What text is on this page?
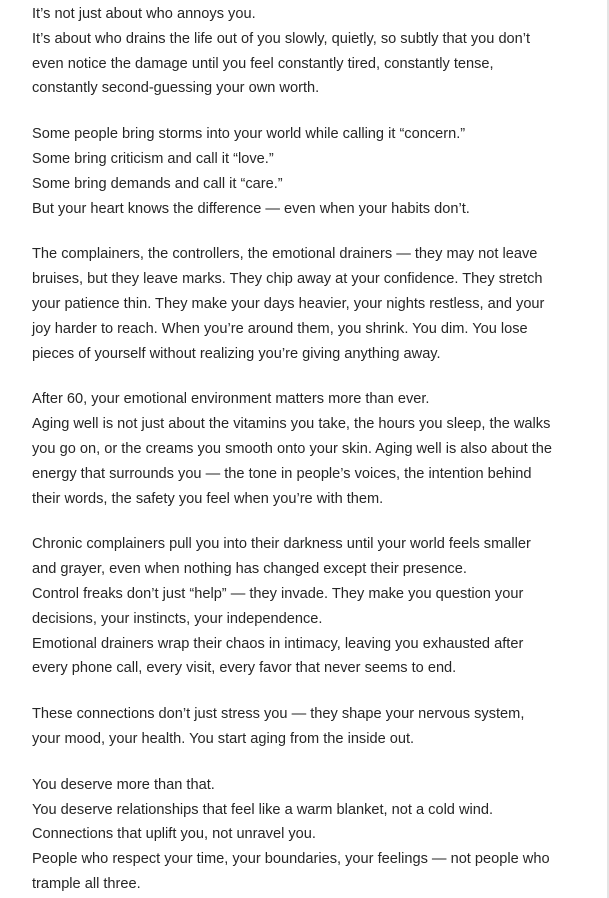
It’s not just about who annoys you.
It’s about who drains the life out of you slowly, quietly, so subtly that you don’t
even notice the damage until you feel constantly tired, constantly tense,
constantly second-guessing your own worth.

Some people bring storms into your world while calling it “concern.”
Some bring criticism and call it “love.”
Some bring demands and call it “care.”
But your heart knows the difference — even when your habits don’t.

The complainers, the controllers, the emotional drainers — they may not leave
bruises, but they leave marks. They chip away at your confidence. They stretch
your patience thin. They make your days heavier, your nights restless, and your
joy harder to reach. When you’re around them, you shrink. You dim. You lose
pieces of yourself without realizing you’re giving anything away.

After 60, your emotional environment matters more than ever.
Aging well is not just about the vitamins you take, the hours you sleep, the walks
you go on, or the creams you smooth onto your skin. Aging well is also about the
energy that surrounds you — the tone in people’s voices, the intention behind
their words, the safety you feel when you’re with them.

Chronic complainers pull you into their darkness until your world feels smaller
and grayer, even when nothing has changed except their presence.
Control freaks don’t just “help” — they invade. They make you question your
decisions, your instincts, your independence.
Emotional drainers wrap their chaos in intimacy, leaving you exhausted after
every phone call, every visit, every favor that never seems to end.

These connections don’t just stress you — they shape your nervous system,
your mood, your health. You start aging from the inside out.

You deserve more than that.
You deserve relationships that feel like a warm blanket, not a cold wind.
Connections that uplift you, not unravel you.
People who respect your time, your boundaries, your feelings — not people who
trample all three.
